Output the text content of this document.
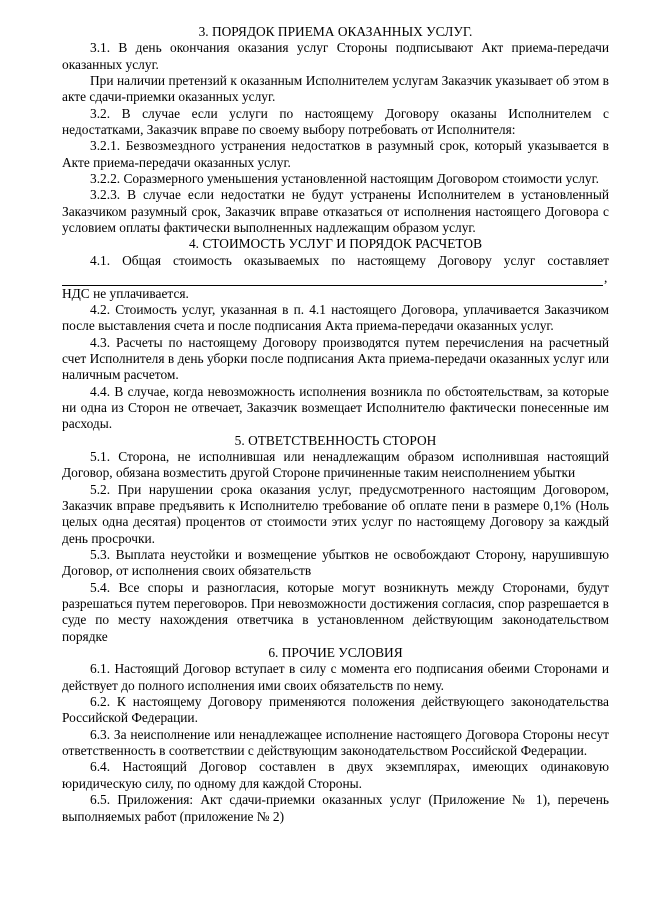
3. ПОРЯДОК ПРИЕМА ОКАЗАННЫХ УСЛУГ.

3.1. В день окончания оказания услуг Стороны подписывают Акт приема-передачи оказанных услуг.

При наличии претензий к оказанным Исполнителем услугам Заказчик указывает об этом в акте сдачи-приемки оказанных услуг.

3.2. В случае если услуги по настоящему Договору оказаны Исполнителем с недостатками, Заказчик вправе по своему выбору потребовать от Исполнителя:

3.2.1. Безвозмездного устранения недостатков в разумный срок, который указывается в Акте приема-передачи оказанных услуг.

3.2.2. Соразмерного уменьшения установленной настоящим Договором стоимости услуг.

3.2.3. В случае если недостатки не будут устранены Исполнителем в установленный Заказчиком разумный срок, Заказчик вправе отказаться от исполнения настоящего Договора с условием оплаты фактически выполненных надлежащим образом услуг.

4. СТОИМОСТЬ УСЛУГ И ПОРЯДОК РАСЧЕТОВ

4.1. Общая стоимость оказываемых по настоящему Договору услуг составляет

,

НДС не уплачивается.

4.2. Стоимость услуг, указанная в п. 4.1 настоящего Договора, уплачивается Заказчиком после выставления счета и после подписания Акта приема-передачи оказанных услуг.

4.3. Расчеты по настоящему Договору производятся путем перечисления на расчетный счет Исполнителя в день уборки после подписания Акта приема-передачи оказанных услуг или наличным расчетом.

4.4. В случае, когда невозможность исполнения возникла по обстоятельствам, за которые ни одна из Сторон не отвечает, Заказчик возмещает Исполнителю фактически понесенные им расходы.

5. ОТВЕТСТВЕННОСТЬ СТОРОН

5.1. Сторона, не исполнившая или ненадлежащим образом исполнившая настоящий Договор, обязана возместить другой Стороне причиненные таким неисполнением убытки

5.2. При нарушении срока оказания услуг, предусмотренного настоящим Договором, Заказчик вправе предъявить к Исполнителю требование об оплате пени в размере 0,1% (Ноль целых одна десятая) процентов от стоимости этих услуг по настоящему Договору за каждый день просрочки.

5.3. Выплата неустойки и возмещение убытков не освобождают Сторону, нарушившую Договор, от исполнения своих обязательств

5.4. Все споры и разногласия, которые могут возникнуть между Сторонами, будут разрешаться путем переговоров. При невозможности достижения согласия, спор разрешается в суде по месту нахождения ответчика в установленном действующим законодательством порядке

6. ПРОЧИЕ УСЛОВИЯ

6.1. Настоящий Договор вступает в силу с момента его подписания обеими Сторонами и действует до полного исполнения ими своих обязательств по нему.

6.2. К настоящему Договору применяются положения действующего законодательства Российской Федерации.

6.3. За неисполнение или ненадлежащее исполнение настоящего Договора Стороны несут ответственность в соответствии с действующим законодательством Российской Федерации.

6.4. Настоящий Договор составлен в двух экземплярах, имеющих одинаковую юридическую силу, по одному для каждой Стороны.

6.5. Приложения: Акт сдачи-приемки оказанных услуг (Приложение № 1), перечень выполняемых работ (приложение № 2)
